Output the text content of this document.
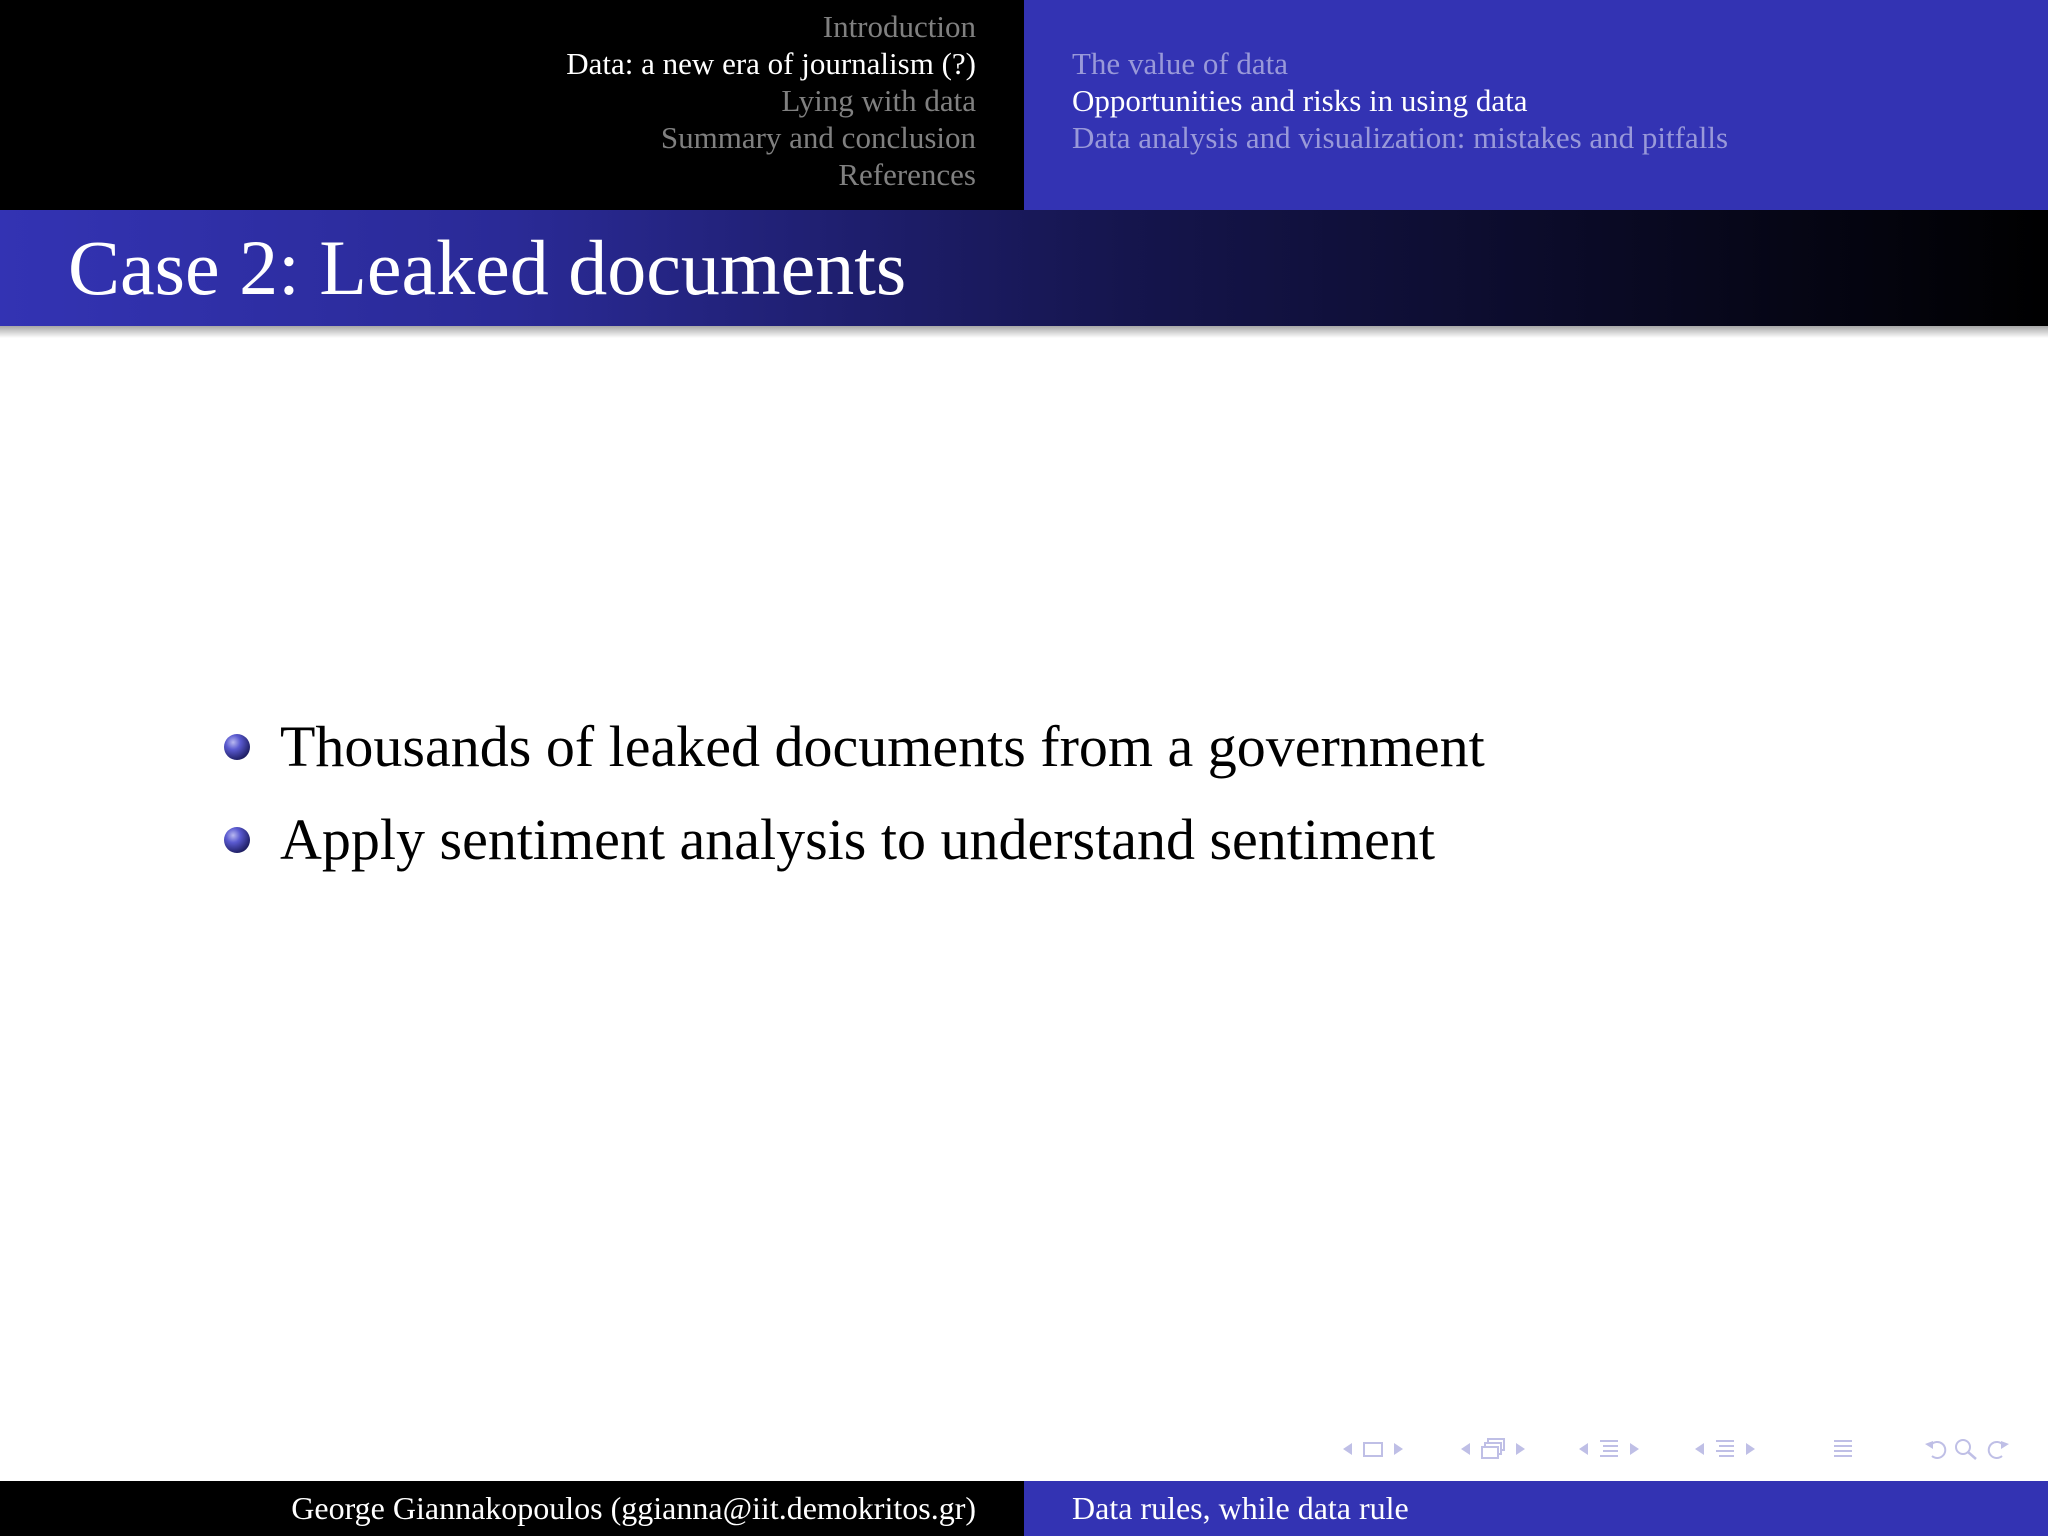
Introduction
Data: a new era of journalism (?)
Lying with data
Summary and conclusion
References
The value of data
Opportunities and risks in using data
Data analysis and visualization: mistakes and pitfalls
Case 2: Leaked documents
Thousands of leaked documents from a government
Apply sentiment analysis to understand sentiment
George Giannakopoulos (ggianna@iit.demokritos.gr)	Data rules, while data rule
